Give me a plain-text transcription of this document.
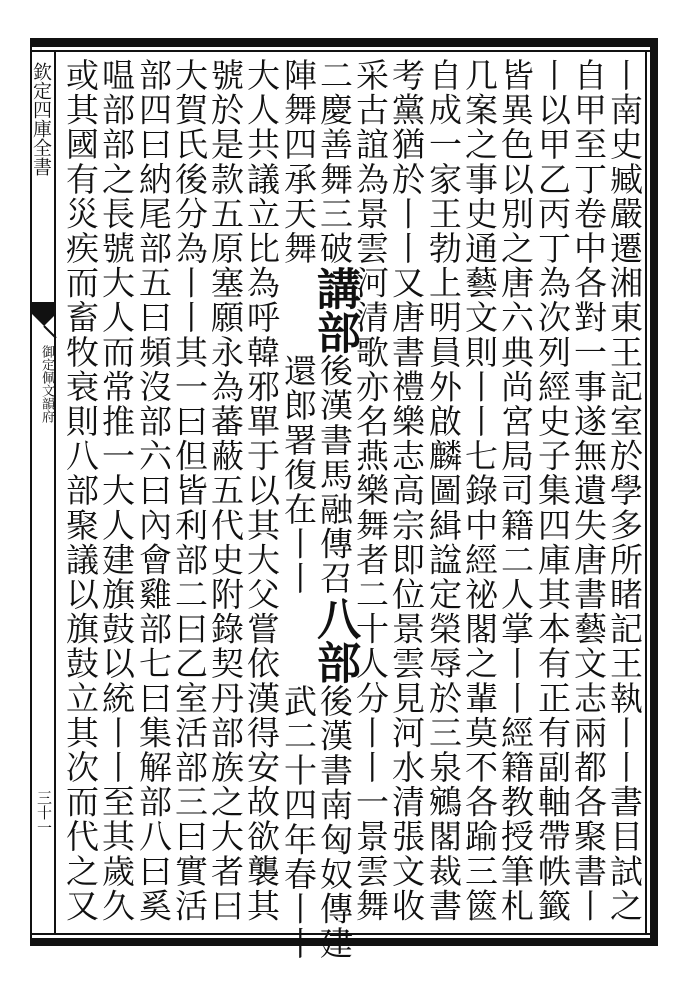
欽定四庫全書
御定佩文韻府
三十一	丨南史臧嚴遷湘東王記室於學多所睹記王執丨丨書目試之
自甲至丁卷中各對一事遂無遺失唐書藝文志兩都各聚書丨
丨以甲乙丙丁為次列經史子集四庫其本有正有副軸帶帙籤
皆異色以別之唐六典尚宮局司籍二人掌丨丨經籍教授筆札
几案之事史通藝文則丨丨七錄中經祕閣之輩莫不各踰三篋
自成一家王勃上明員外啟麟圖緝諡定榮辱於三泉鵷閣裁書
考黨猶於丨丨又唐書禮樂志高宗即位景雲見河水清張文收
采古誼為景雲河清歌亦名燕樂舞者二十人分丨丨一景雲舞
二慶善舞三破講部後漢書馬融傳召八部後漢書南匈奴傳建
陣舞四承天舞還郎署復在丨丨武二十四年春丨丨
大人共議立比為呼韓邪單于以其大父嘗依漢得安故欲襲其
號於是款五原塞願永為蕃蔽五代史附錄契丹部族之大者曰
大賀氏後分為丨丨其一曰但皆利部二曰乙室活部三曰實活
部四曰納尾部五曰頻沒部六曰內會雞部七曰集解部八曰奚
嗢部部之長號大人而常推一大人建旗鼓以統丨丨至其歲久
或其國有災疾而畜牧衰則八部聚議以旗鼓立其次而代之又
